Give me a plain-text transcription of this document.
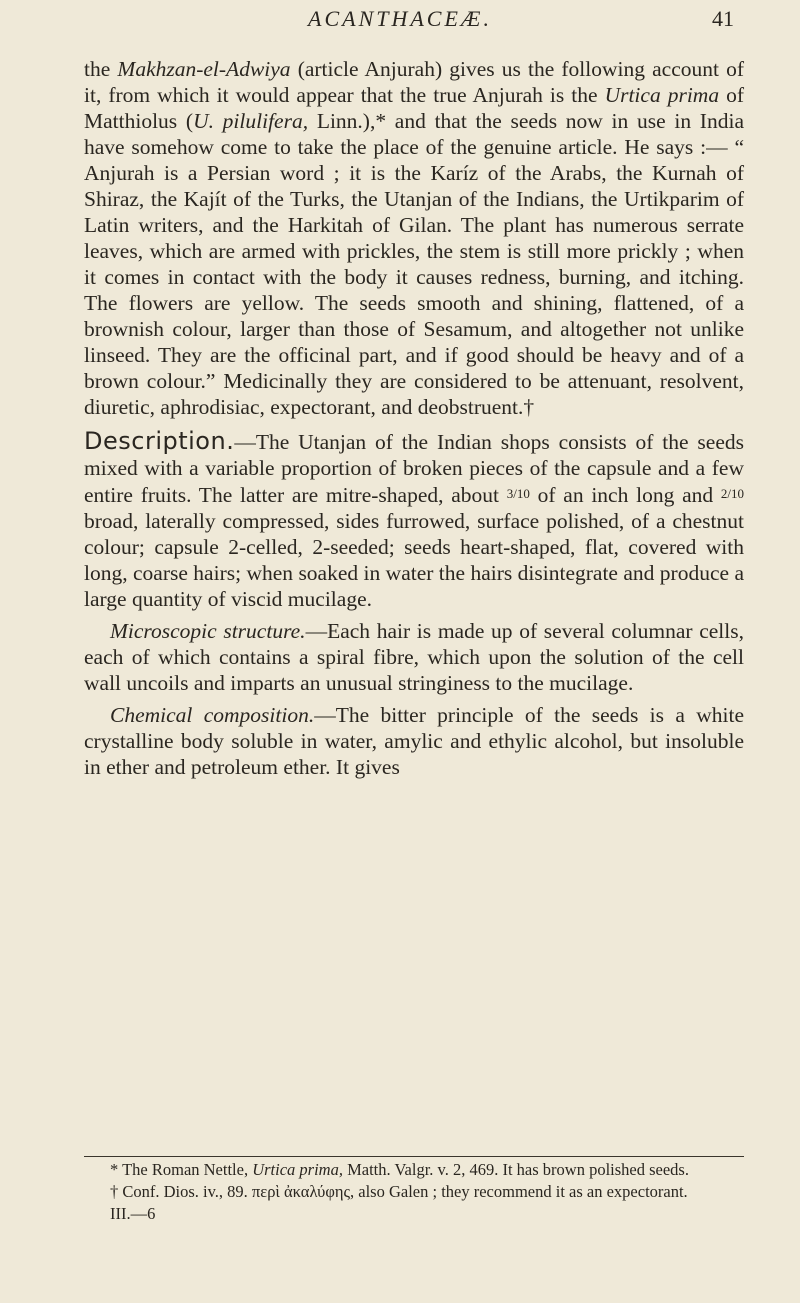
ACANTHACEÆ.	41

the Makhzan-el-Adwiya (article Anjurah) gives us the following account of it, from which it would appear that the true Anjurah is the Urtica prima of Matthiolus (U. pilulifera, Linn.),* and that the seeds now in use in India have somehow come to take the place of the genuine article. He says :— “ Anjurah is a Persian word ; it is the Karíz of the Arabs, the Kurnah of Shiraz, the Kajít of the Turks, the Utanjan of the Indians, the Urtikparim of Latin writers, and the Harkitah of Gilan. The plant has numerous serrate leaves, which are armed with prickles, the stem is still more prickly ; when it comes in contact with the body it causes redness, burning, and itching. The flowers are yellow. The seeds smooth and shining, flattened, of a brownish colour, larger than those of Sesamum, and altogether not unlike linseed. They are the officinal part, and if good should be heavy and of a brown colour.” Medicinally they are considered to be attenuant, resolvent, diuretic, aphrodisiac, expectorant, and deobstruent.†

Description.—The Utanjan of the Indian shops consists of the seeds mixed with a variable proportion of broken pieces of the capsule and a few entire fruits. The latter are mitre-shaped, about 3/10 of an inch long and 2/10 broad, laterally compressed, sides furrowed, surface polished, of a chestnut colour; capsule 2-celled, 2-seeded; seeds heart-shaped, flat, covered with long, coarse hairs; when soaked in water the hairs disintegrate and produce a large quantity of viscid mucilage.

Microscopic structure.—Each hair is made up of several columnar cells, each of which contains a spiral fibre, which upon the solution of the cell wall uncoils and imparts an unusual stringiness to the mucilage.

Chemical composition.—The bitter principle of the seeds is a white crystalline body soluble in water, amylic and ethylic alcohol, but insoluble in ether and petroleum ether. It gives

* The Roman Nettle, Urtica prima, Matth. Valgr. v. 2, 469. It has brown polished seeds.

† Conf. Dios. iv., 89. περὶ ἀκαλύφης, also Galen ; they recommend it as an expectorant.

III.—6
